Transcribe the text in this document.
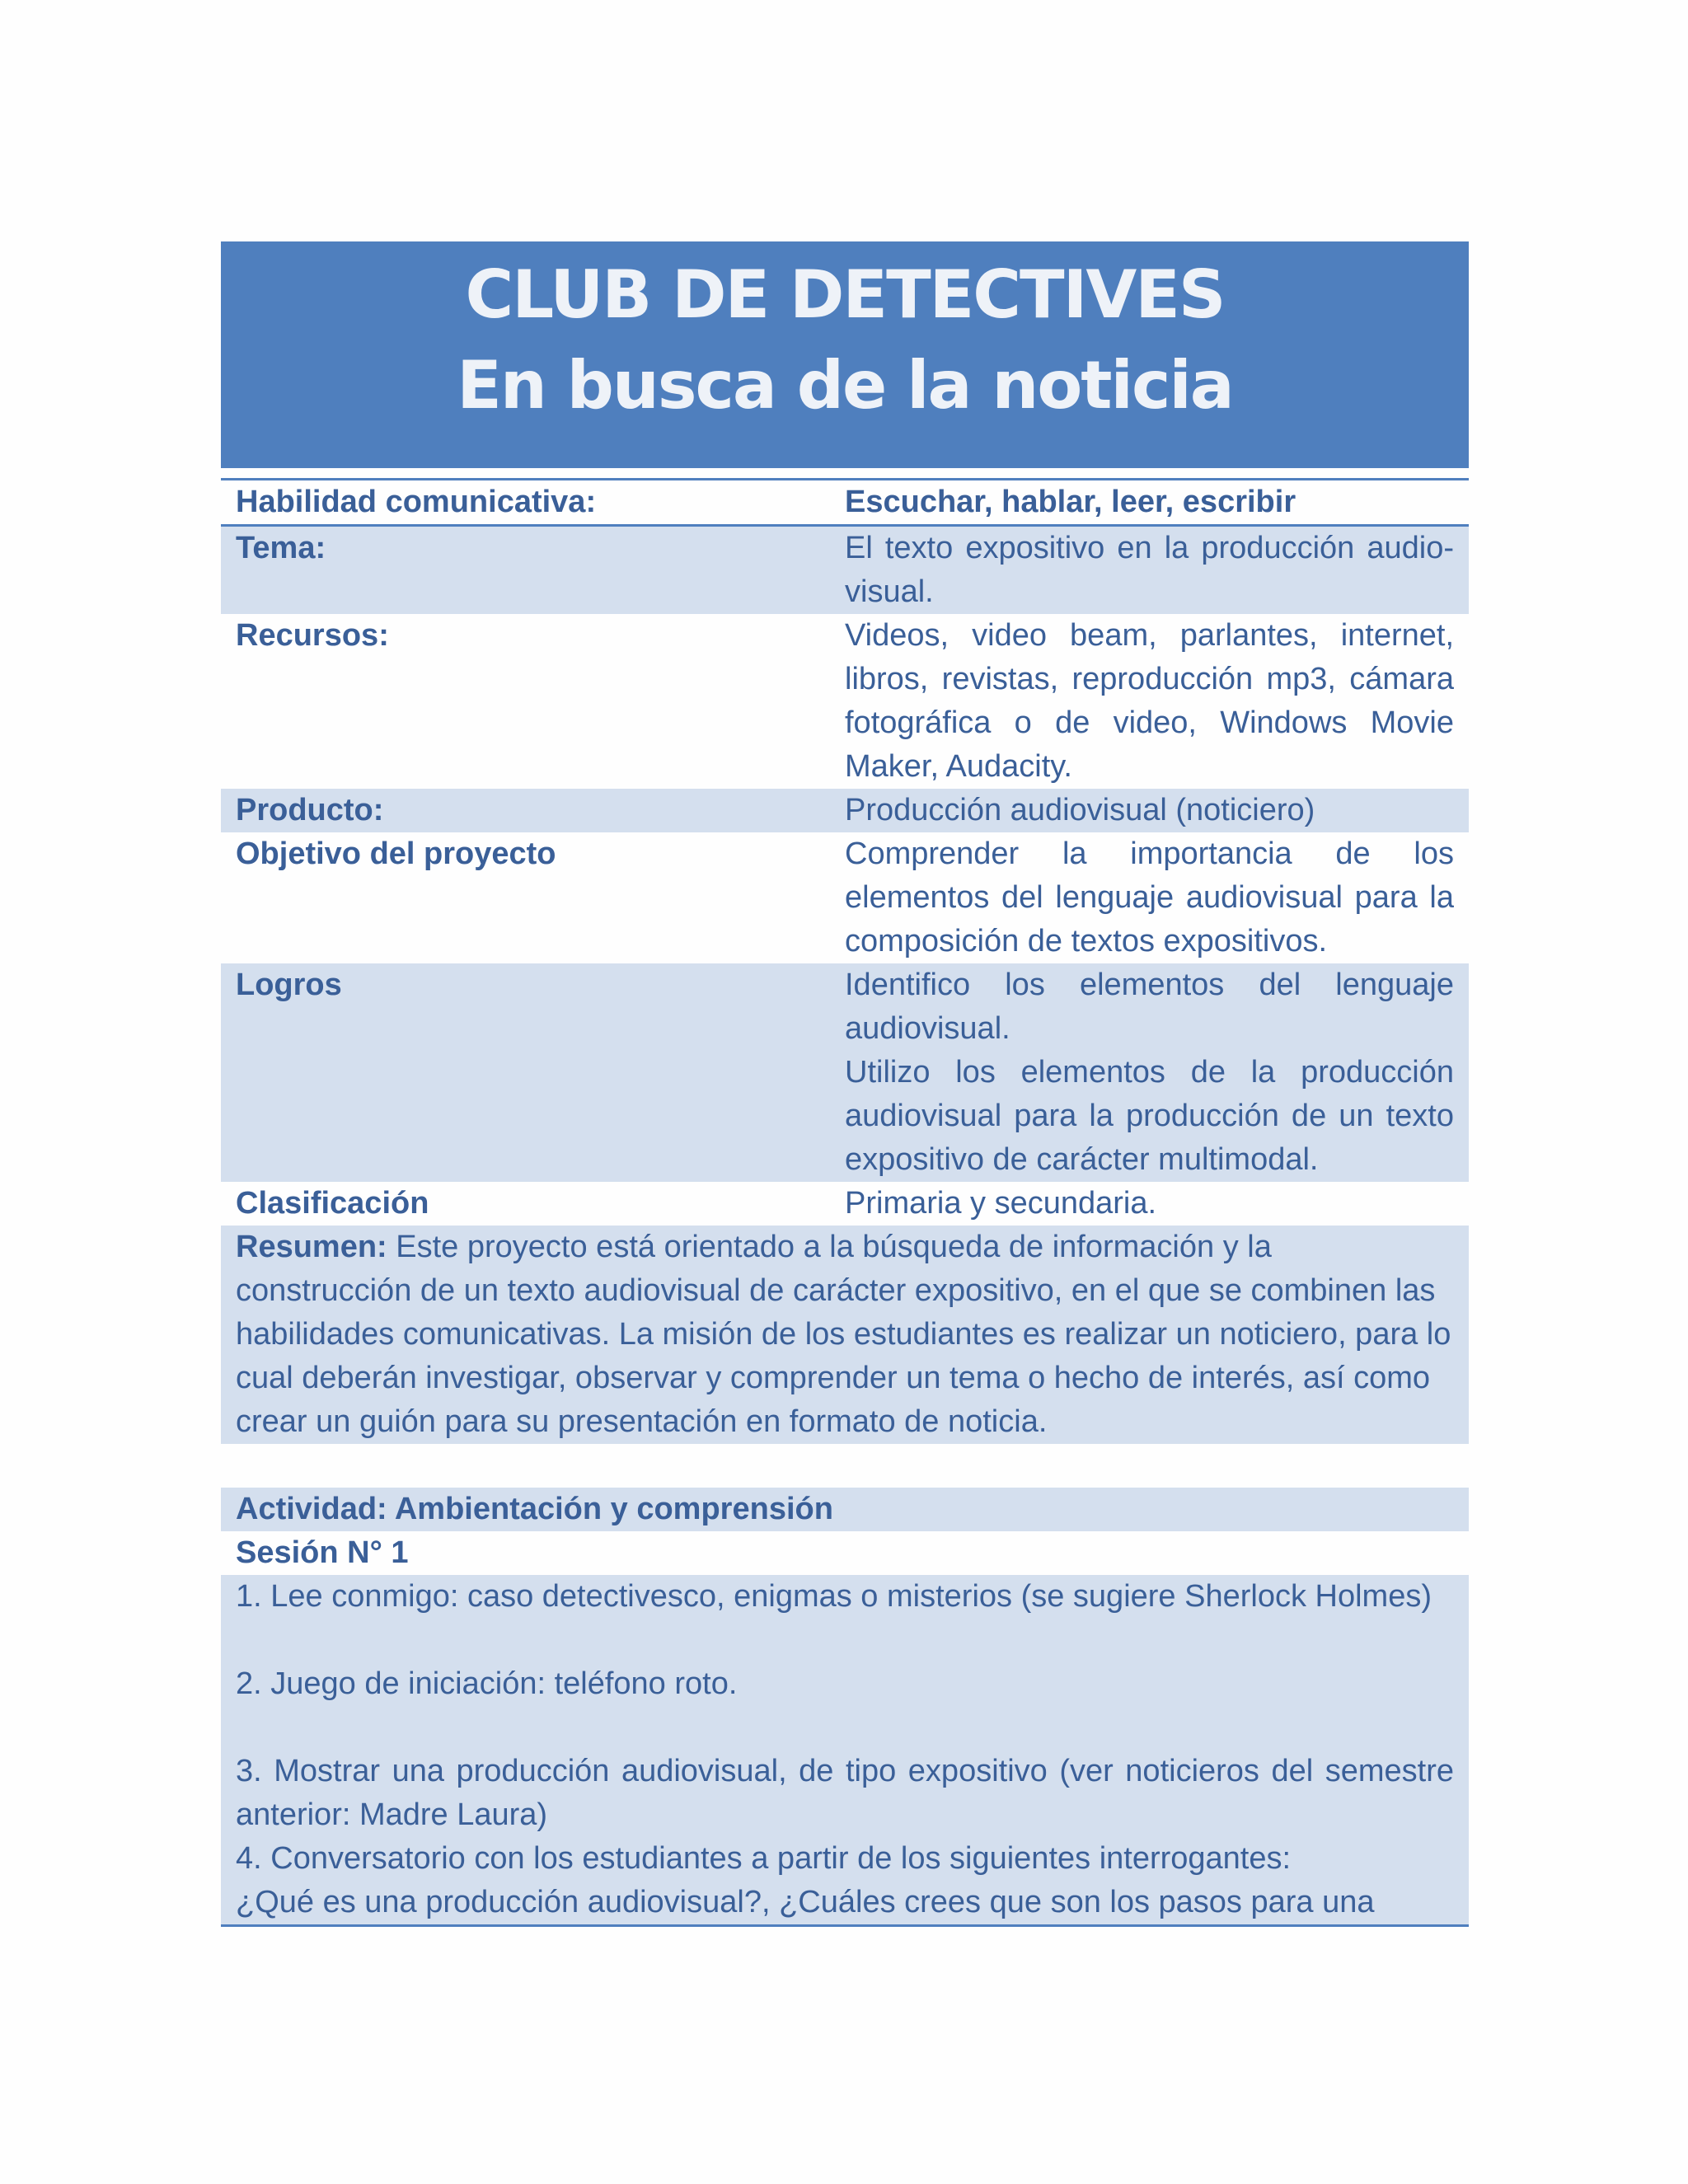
CLUB DE DETECTIVES
En busca de la noticia
Habilidad comunicativa:	Escuchar, hablar, leer, escribir
Tema:	El texto expositivo en la producción audio-visual.
Recursos:	Videos, video beam, parlantes, internet, libros, revistas, reproducción mp3, cámara fotográfica o de video, Windows Movie Maker, Audacity.
Producto:	Producción audiovisual (noticiero)
Objetivo del proyecto	Comprender la importancia de los elementos del lenguaje audiovisual para la composición de textos expositivos.
Logros	Identifico los elementos del lenguaje audiovisual.
Utilizo los elementos de la producción audiovisual para la producción de un texto expositivo de carácter multimodal.
Clasificación	Primaria y secundaria.
Resumen: Este proyecto está orientado a la búsqueda de información y la construcción de un texto audiovisual de carácter expositivo, en el que se combinen las habilidades comunicativas. La misión de los estudiantes es realizar un noticiero, para lo cual deberán investigar, observar y comprender un tema o hecho de interés, así como crear un guión para su presentación en formato de noticia.
Actividad: Ambientación y comprensión
Sesión N° 1

1. Lee conmigo: caso detectivesco, enigmas o misterios (se sugiere Sherlock Holmes)

2. Juego de iniciación: teléfono roto.

3. Mostrar una producción audiovisual, de tipo expositivo (ver noticieros del semestre anterior: Madre Laura)

4. Conversatorio con los estudiantes a partir de los siguientes interrogantes:

¿Qué es una producción audiovisual?, ¿Cuáles crees que son los pasos para una
